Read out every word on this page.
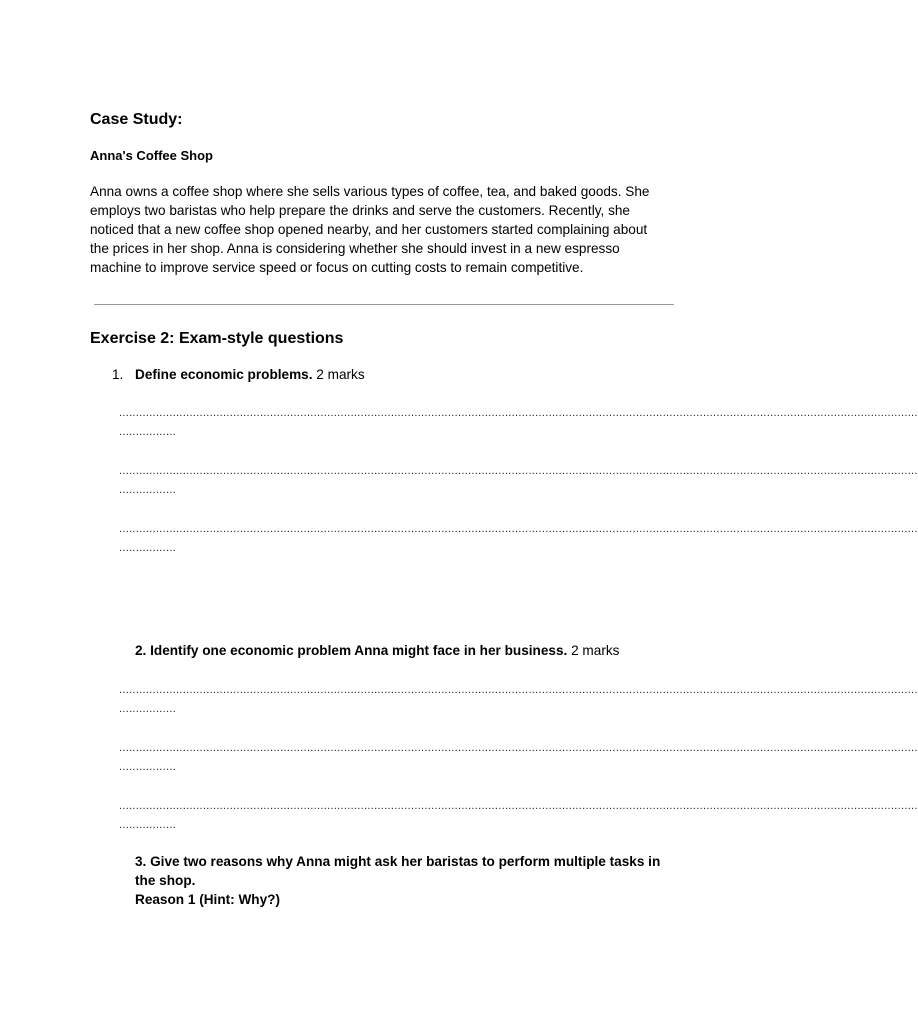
Case Study:
Anna's Coffee Shop
Anna owns a coffee shop where she sells various types of coffee, tea, and baked goods. She
employs two baristas who help prepare the drinks and serve the customers. Recently, she
noticed that a new coffee shop opened nearby, and her customers started complaining about
the prices in her shop. Anna is considering whether she should invest in a new espresso
machine to improve service speed or focus on cutting costs to remain competitive.
Exercise 2: Exam-style questions
1. Define economic problems. 2 marks
..............................................................................................................................................................................................................................................
.................
..............................................................................................................................................................................................................................................
.................
..............................................................................................................................................................................................................................................
.................
2. Identify one economic problem Anna might face in her business. 2 marks
..............................................................................................................................................................................................................................................
.................
..............................................................................................................................................................................................................................................
.................
..............................................................................................................................................................................................................................................
.................
3. Give two reasons why Anna might ask her baristas to perform multiple tasks in the shop.
Reason 1 (Hint: Why?)
